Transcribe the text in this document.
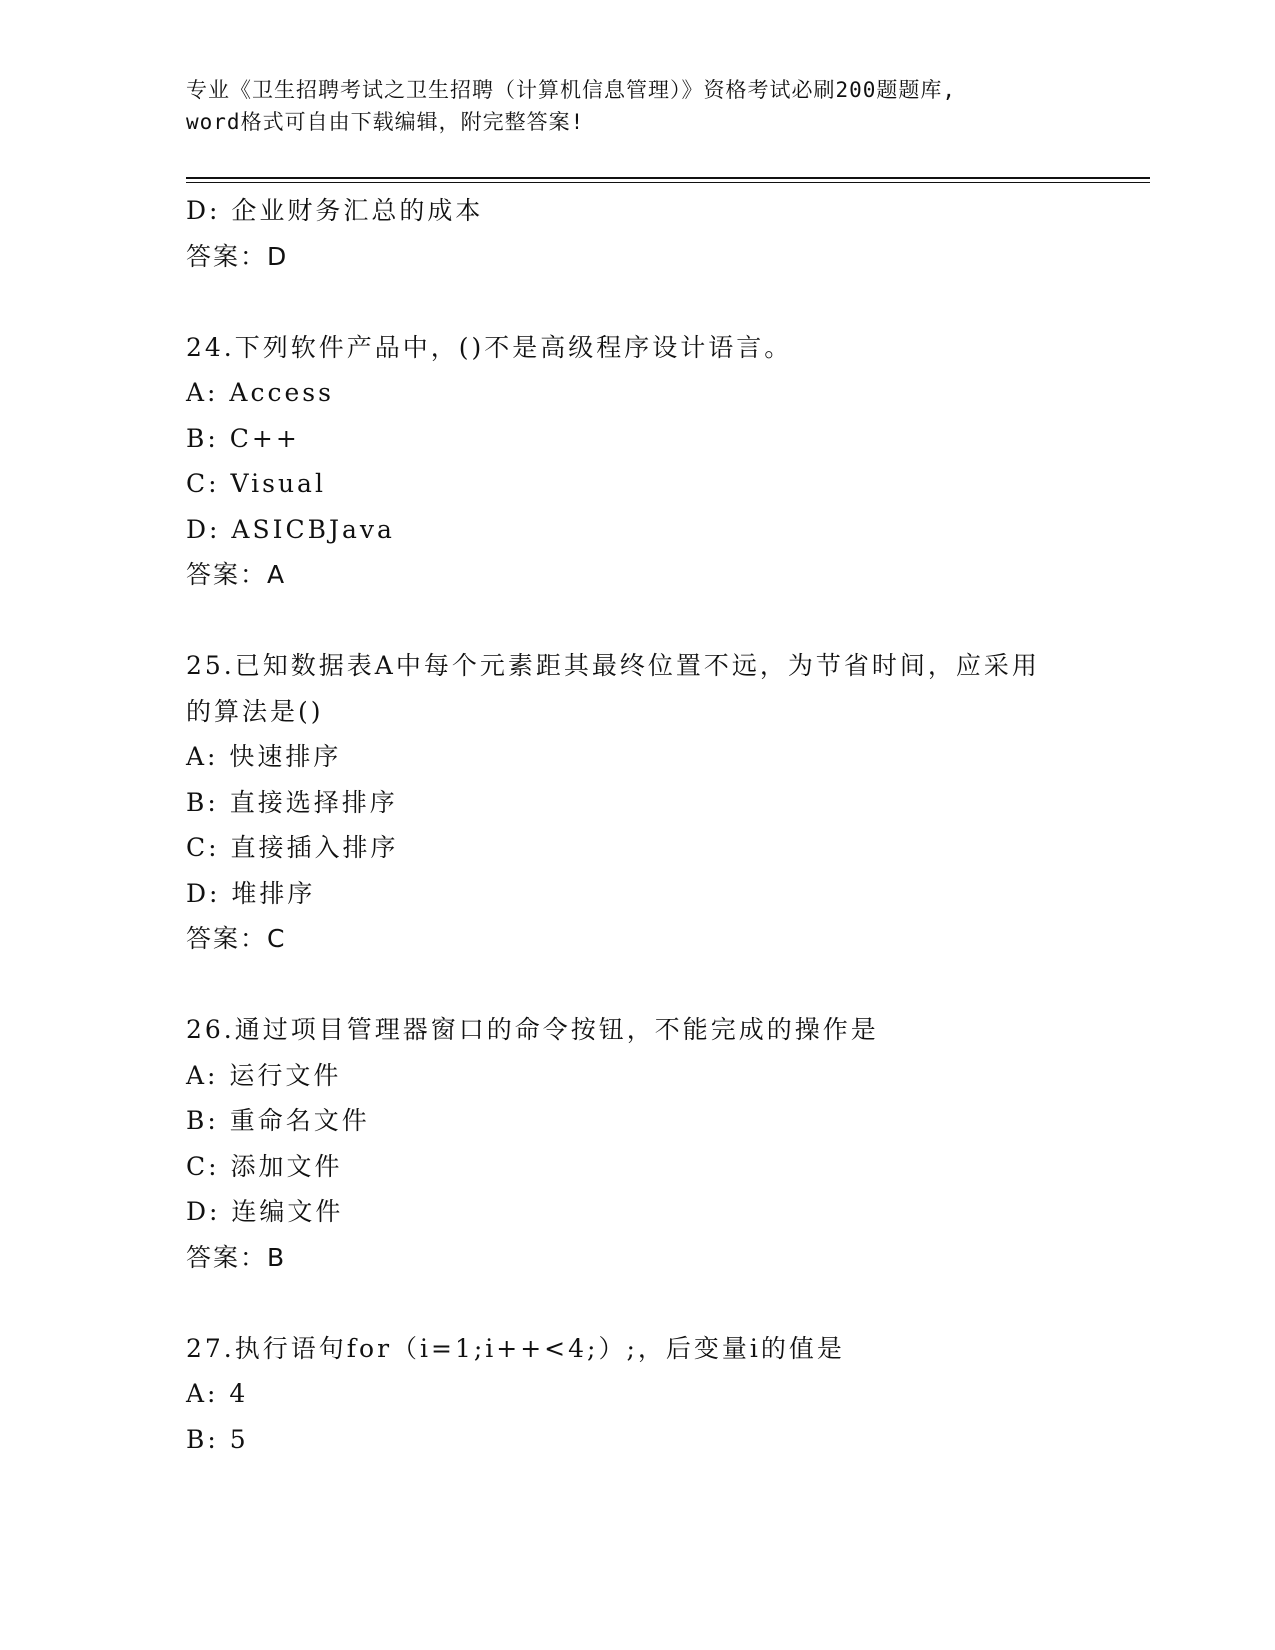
专业《卫生招聘考试之卫生招聘（计算机信息管理）》资格考试必刷200题题库,
word格式可自由下载编辑，附完整答案!
D: 企业财务汇总的成本
答案：D
24.下列软件产品中，()不是高级程序设计语言。
A: Access
B: C++
C: Visual
D: ASICBJava
答案：A
25.已知数据表A中每个元素距其最终位置不远，为节省时间，应采用
的算法是()
A: 快速排序
B: 直接选择排序
C: 直接插入排序
D: 堆排序
答案：C
26.通过项目管理器窗口的命令按钮，不能完成的操作是
A: 运行文件
B: 重命名文件
C: 添加文件
D: 连编文件
答案：B
27.执行语句for（i=1;i++<4;）;，后变量i的值是
A: 4
B: 5
